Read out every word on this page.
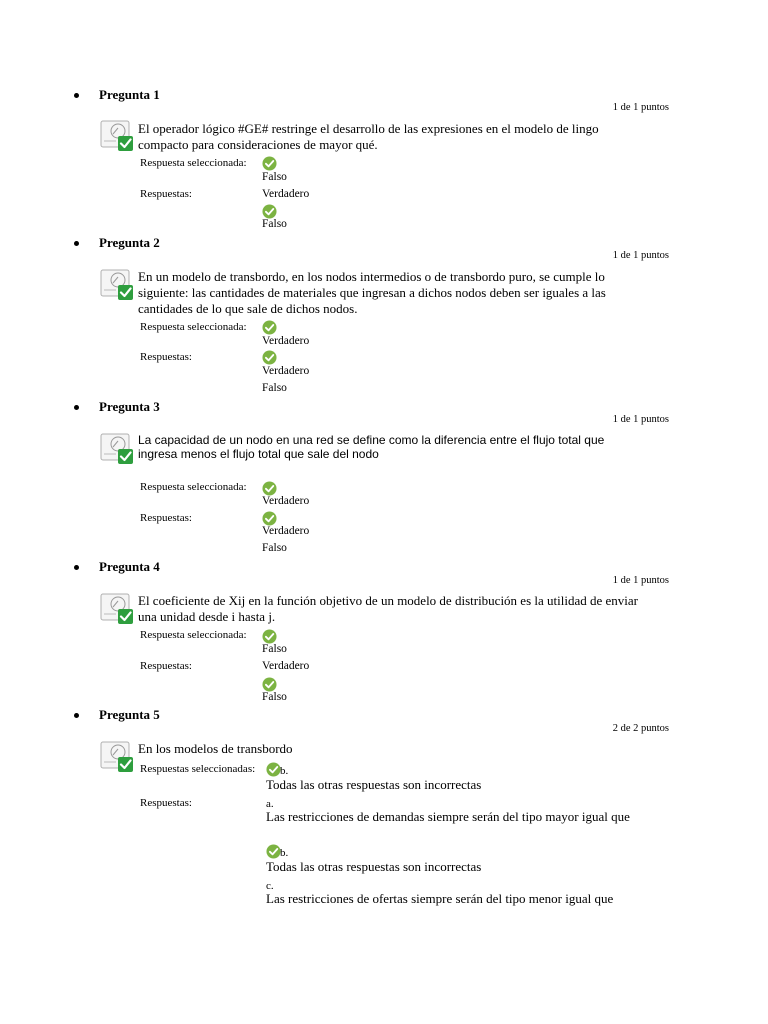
Pregunta 1
1 de 1 puntos
El operador lógico #GE# restringe el desarrollo de las expresiones en el modelo de lingo compacto para consideraciones de mayor qué.
Respuesta seleccionada:
Falso
Respuestas:	Verdadero
Falso
Pregunta 2
1 de 1 puntos
En un modelo de transbordo, en los nodos intermedios o de transbordo puro, se cumple lo siguiente: las cantidades de materiales que ingresan a dichos nodos deben ser iguales a las cantidades de lo que sale de dichos nodos.
Respuesta seleccionada:
Verdadero
Respuestas:
Verdadero
Falso
Pregunta 3
1 de 1 puntos
La capacidad de un nodo en una red se define como la diferencia entre el flujo total que ingresa menos el flujo total que sale del nodo
Respuesta seleccionada:
Verdadero
Respuestas:
Verdadero
Falso
Pregunta 4
1 de 1 puntos
El coeficiente de Xij en la función objetivo de un modelo de distribución es la utilidad de enviar una unidad desde i hasta j.
Respuesta seleccionada:
Falso
Respuestas:	Verdadero
Falso
Pregunta 5
2 de 2 puntos
En los modelos de transbordo
Respuestas seleccionadas:	b.
Todas las otras respuestas son incorrectas
Respuestas:	a.
Las restricciones de demandas siempre serán del tipo mayor igual que
b.
Todas las otras respuestas son incorrectas
c.
Las restricciones de ofertas siempre serán del tipo menor igual que
